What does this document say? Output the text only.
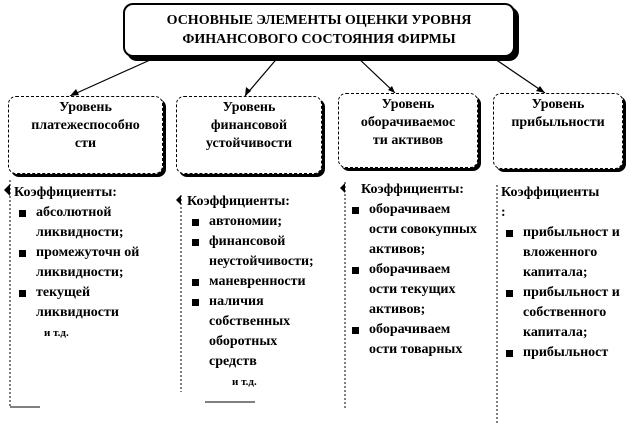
ОСНОВНЫЕ ЭЛЕМЕНТЫ ОЦЕНКИ УРОВНЯ
ФИНАНСОВОГО СОСТОЯНИЯ ФИРМЫ
Уровень
платежеспособно
сти
Уровень
финансовой
устойчивости
Уровень
оборачиваемос
ти активов
Уровень
прибыльности

Коэффициенты:

абсолютной ликвидности;
промежуточн ой ликвидности;
текущей ликвидности
и т.д.

Коэффициенты:

автономии;
финансовой неустойчивости;
маневренности
наличия собственных оборотных средств
и т.д.

Коэффициенты:

оборачиваем ости совокупных активов;
оборачиваем ости текущих активов;
оборачиваем ости товарных

Коэффициенты

:

прибыльност и вложенного капитала;
прибыльност и собственного капитала;
прибыльност
